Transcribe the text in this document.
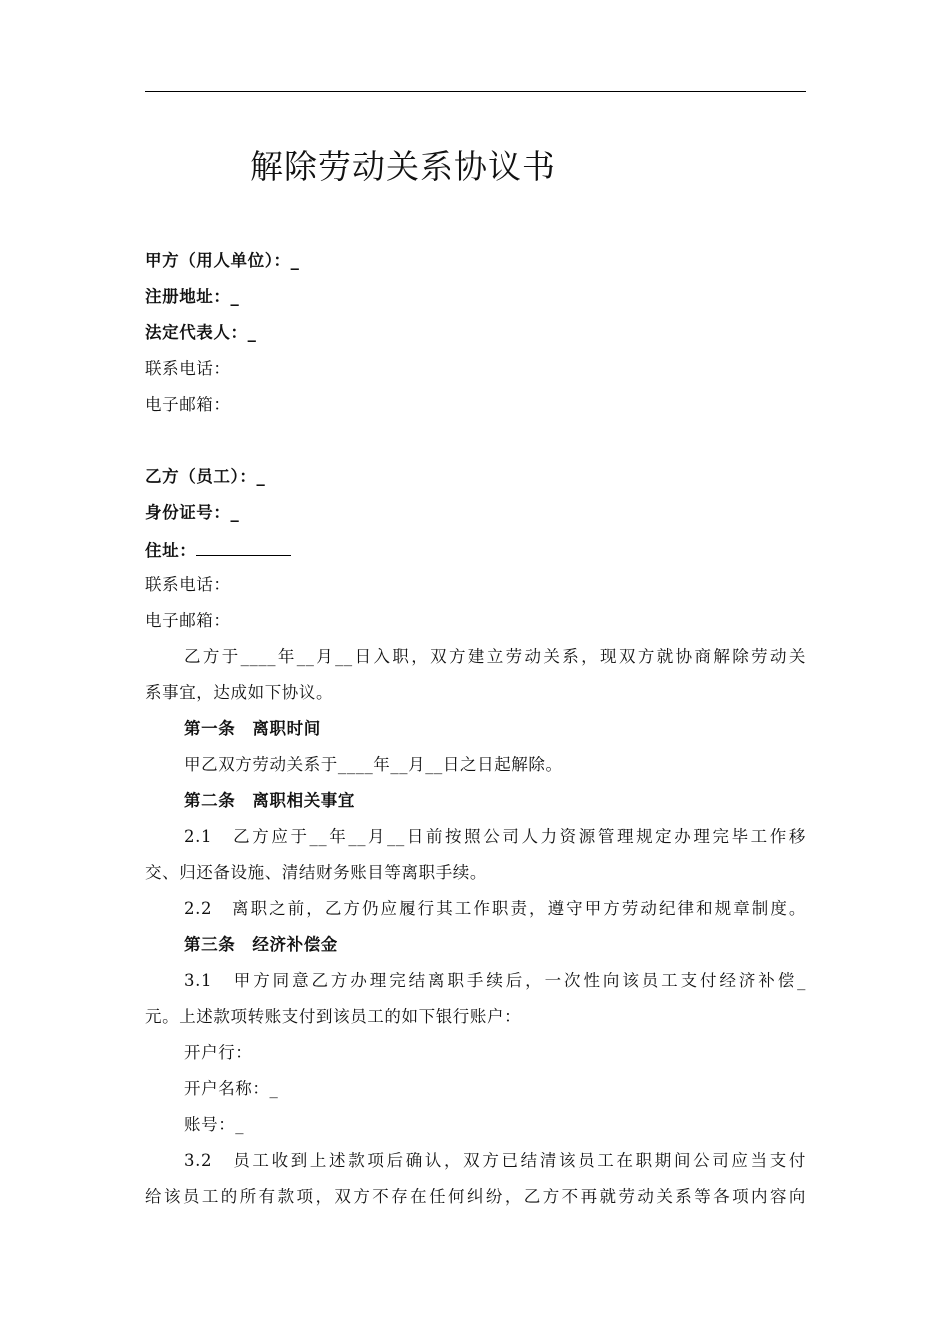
解除劳动关系协议书
甲方（用人单位）：_
注册地址：_
法定代表人：_
联系电话：
电子邮箱：
乙方（员工）：_
身份证号：_
住址：
联系电话：
电子邮箱：
乙方于____年__月__日入职，双方建立劳动关系，现双方就协商解除劳动关
系事宜，达成如下协议。
第一条　离职时间
甲乙双方劳动关系于____年__月__日之日起解除。
第二条　离职相关事宜
2.1　乙方应于__年__月__日前按照公司人力资源管理规定办理完毕工作移
交、归还备设施、清结财务账目等离职手续。
2.2　离职之前，乙方仍应履行其工作职责，遵守甲方劳动纪律和规章制度。
第三条　经济补偿金
3.1　甲方同意乙方办理完结离职手续后，一次性向该员工支付经济补偿_
元。上述款项转账支付到该员工的如下银行账户：
开户行：
开户名称：_
账号：_
3.2　员工收到上述款项后确认，双方已结清该员工在职期间公司应当支付
给该员工的所有款项，双方不存在任何纠纷，乙方不再就劳动关系等各项内容向
